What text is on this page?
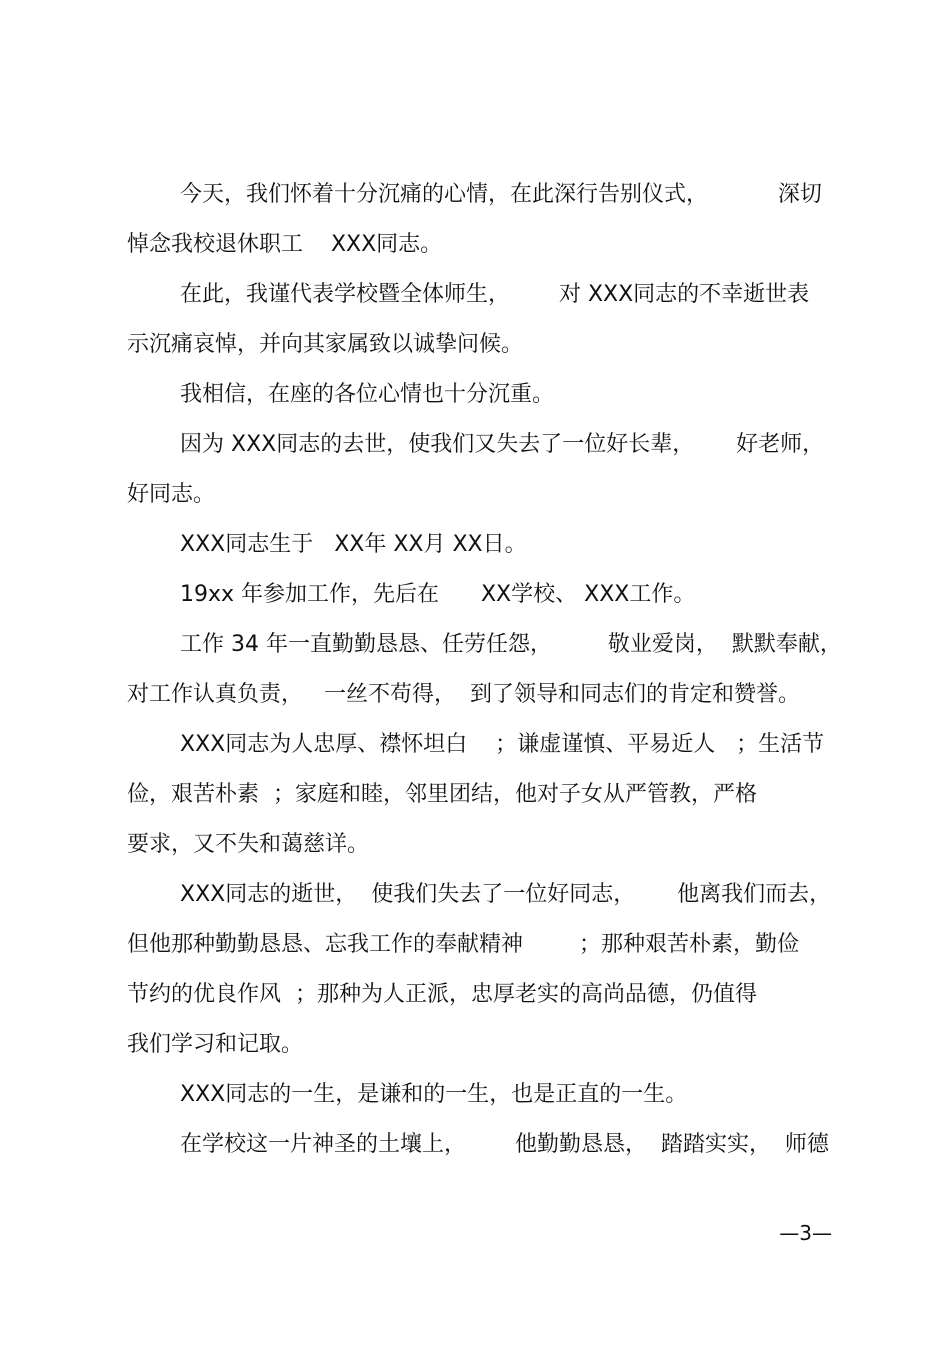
今天，我们怀着十分沉痛的心情，在此深行告别仪式，          深切
悼念我校退休职工    XXX同志。
在此，我谨代表学校暨全体师生，       对 XXX同志的不幸逝世表
示沉痛哀悼，并向其家属致以诚挚问候。
我相信，在座的各位心情也十分沉重。
因为 XXX同志的去世，使我们又失去了一位好长辈，      好老师，
好同志。
XXX同志生于   XX年 XX月 XX日。
19xx 年参加工作，先后在      XX学校、 XXX工作。
工作 34 年一直勤勤恳恳、任劳任怨，        敬业爱岗，  默默奉献，
对工作认真负责，   一丝不苟得，  到了领导和同志们的肯定和赞誉。
XXX同志为人忠厚、襟怀坦白    ；谦虚谨慎、平易近人   ；生活节
俭，艰苦朴素  ；家庭和睦，邻里团结，他对子女从严管教，严格
要求，又不失和蔼慈详。
XXX同志的逝世，  使我们失去了一位好同志，      他离我们而去，
但他那种勤勤恳恳、忘我工作的奉献精神        ；那种艰苦朴素，勤俭
节约的优良作风  ；那种为人正派，忠厚老实的高尚品德，仍值得
我们学习和记取。
XXX同志的一生，是谦和的一生，也是正直的一生。
在学校这一片神圣的土壤上，       他勤勤恳恳，  踏踏实实，  师德
—3—
